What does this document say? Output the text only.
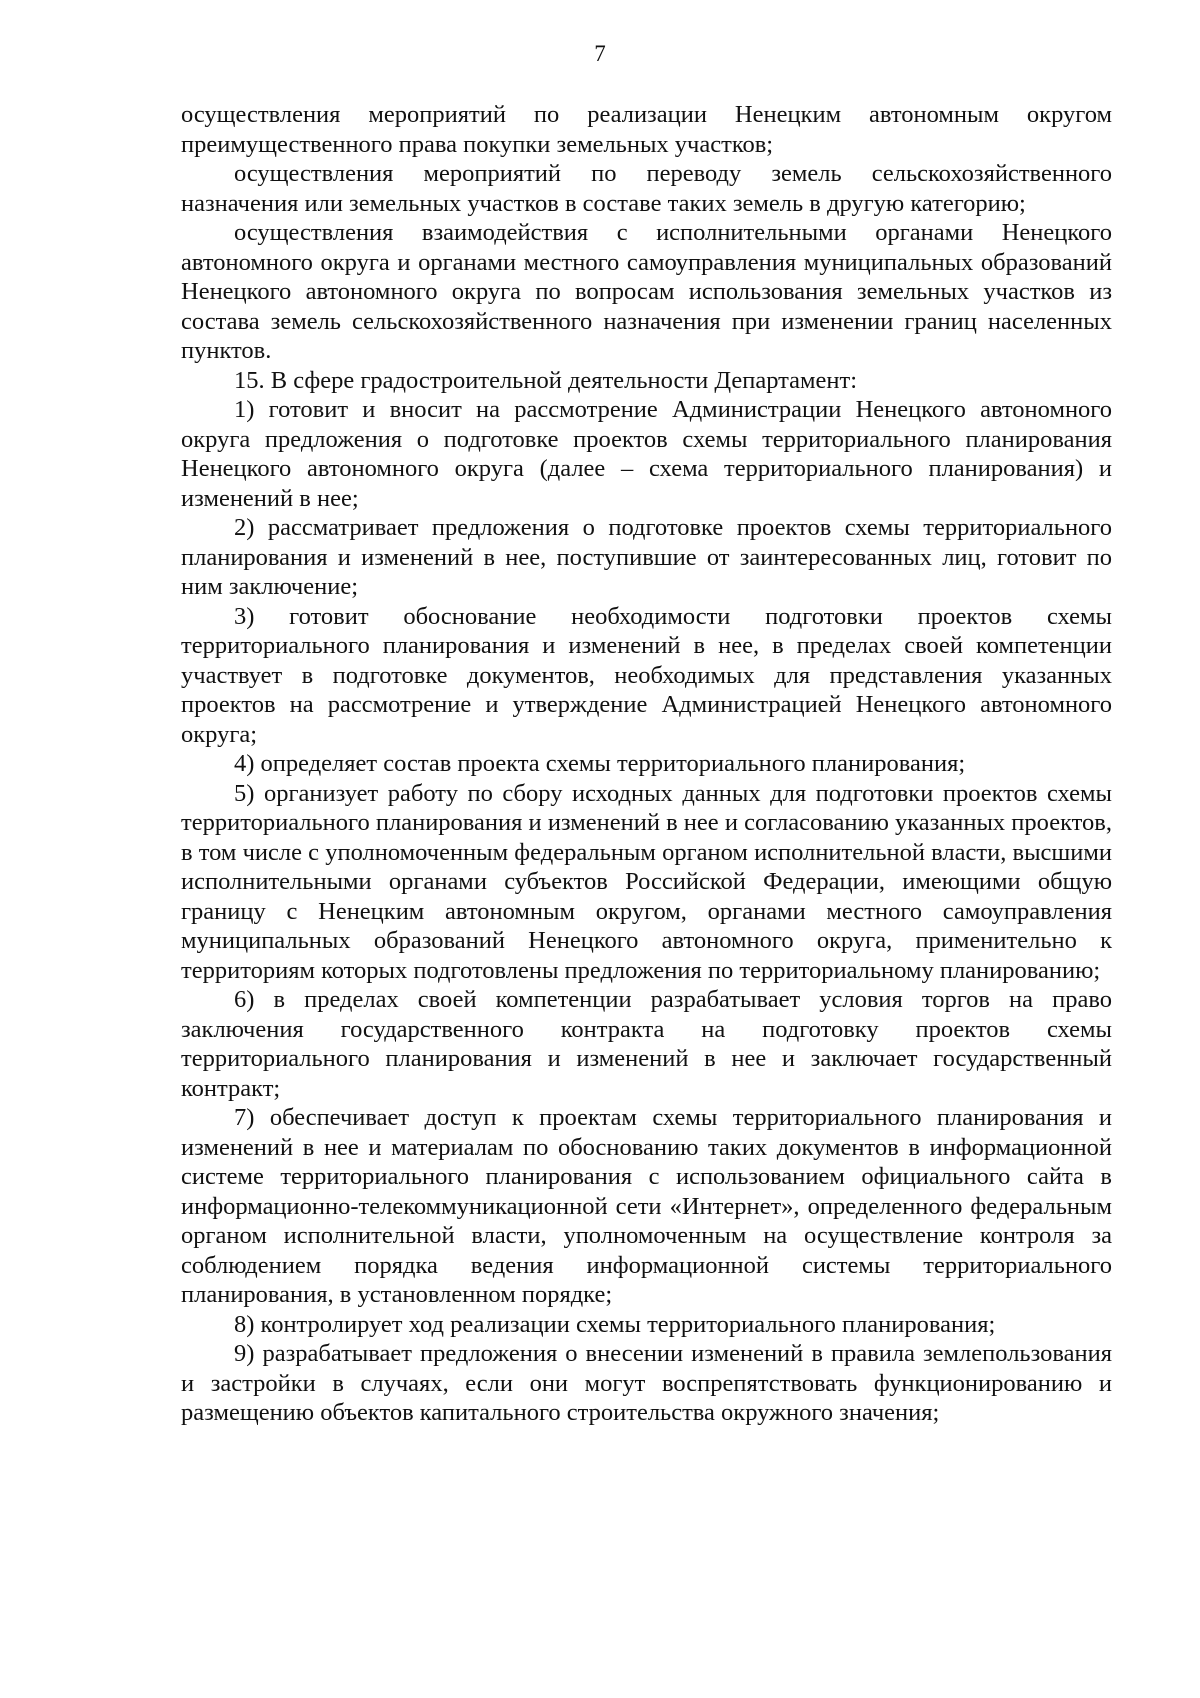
7

осуществления мероприятий по реализации Ненецким автономным округом преимущественного права покупки земельных участков;

осуществления мероприятий по переводу земель сельскохозяйственного назначения или земельных участков в составе таких земель в другую категорию;

осуществления взаимодействия с исполнительными органами Ненецкого автономного округа и органами местного самоуправления муниципальных образований Ненецкого автономного округа по вопросам использования земельных участков из состава земель сельскохозяйственного назначения при изменении границ населенных пунктов.

15. В сфере градостроительной деятельности Департамент:

1) готовит и вносит на рассмотрение Администрации Ненецкого автономного округа предложения о подготовке проектов схемы территориального планирования Ненецкого автономного округа (далее – схема территориального планирования) и изменений в нее;

2) рассматривает предложения о подготовке проектов схемы территориального планирования и изменений в нее, поступившие от заинтересованных лиц, готовит по ним заключение;

3) готовит обоснование необходимости подготовки проектов схемы территориального планирования и изменений в нее, в пределах своей компетенции участвует в подготовке документов, необходимых для представления указанных проектов на рассмотрение и утверждение Администрацией Ненецкого автономного округа;

4) определяет состав проекта схемы территориального планирования;

5) организует работу по сбору исходных данных для подготовки проектов схемы территориального планирования и изменений в нее и согласованию указанных проектов, в том числе с уполномоченным федеральным органом исполнительной власти, высшими исполнительными органами субъектов Российской Федерации, имеющими общую границу с Ненецким автономным округом, органами местного самоуправления муниципальных образований Ненецкого автономного округа, применительно к территориям которых подготовлены предложения по территориальному планированию;

6) в пределах своей компетенции разрабатывает условия торгов на право заключения государственного контракта на подготовку проектов схемы территориального планирования и изменений в нее и заключает государственный контракт;

7) обеспечивает доступ к проектам схемы территориального планирования и изменений в нее и материалам по обоснованию таких документов в информационной системе территориального планирования с использованием официального сайта в информационно-телекоммуникационной сети «Интернет», определенного федеральным органом исполнительной власти, уполномоченным на осуществление контроля за соблюдением порядка ведения информационной системы территориального планирования, в установленном порядке;

8) контролирует ход реализации схемы территориального планирования;

9) разрабатывает предложения о внесении изменений в правила землепользования и застройки в случаях, если они могут воспрепятствовать функционированию и размещению объектов капитального строительства окружного значения;
